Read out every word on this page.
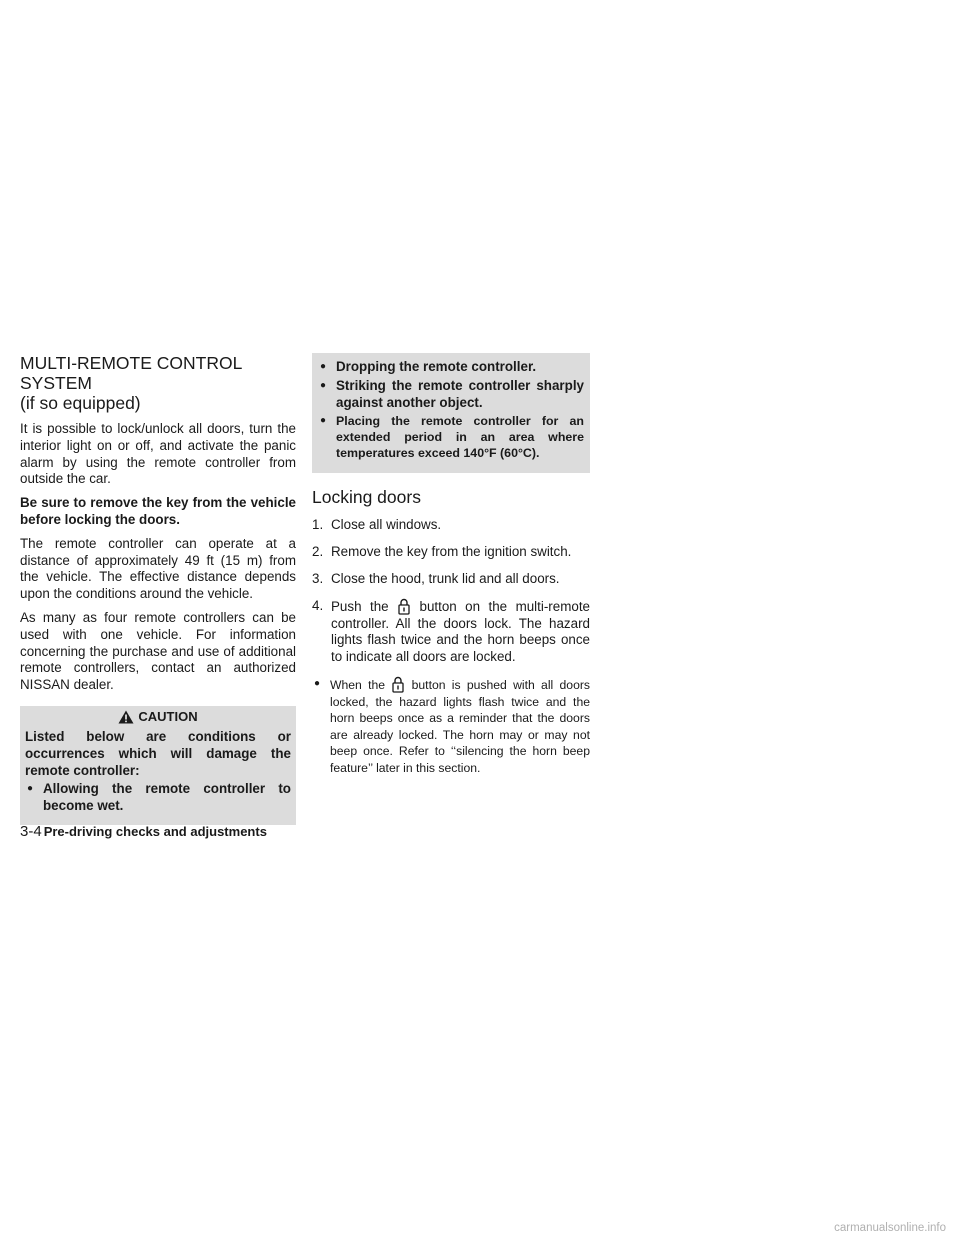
MULTI-REMOTE CONTROL
SYSTEM
(if so equipped)

It is possible to lock/unlock all doors, turn the interior light on or off, and activate the panic alarm by using the remote controller from outside the car.

Be sure to remove the key from the vehicle before locking the doors.

The remote controller can operate at a distance of approximately 49 ft (15 m) from the vehicle. The effective distance depends upon the conditions around the vehicle.

As many as four remote controllers can be used with one vehicle. For information concerning the purchase and use of additional remote controllers, contact an authorized NISSAN dealer.

CAUTION

Listed below are conditions or occurrences which will damage the remote controller:

● Allowing the remote controller to become wet.
● Dropping the remote controller.
● Striking the remote controller sharply against another object.
● Placing the remote controller for an extended period in an area where temperatures exceed 140°F (60°C).
Locking doors
1. Close all windows.
2. Remove the key from the ignition switch.
3. Close the hood, trunk lid and all doors.
4. Push the button on the multi-remote controller. All the doors lock. The hazard lights flash twice and the horn beeps once to indicate all doors are locked.
● When the button is pushed with all doors locked, the hazard lights flash twice and the horn beeps once as a reminder that the doors are already locked. The horn may or may not beep once. Refer to ‘‘silencing the horn beep feature’’ later in this section.
3-4 Pre-driving checks and adjustments
carmanualsonline.info
